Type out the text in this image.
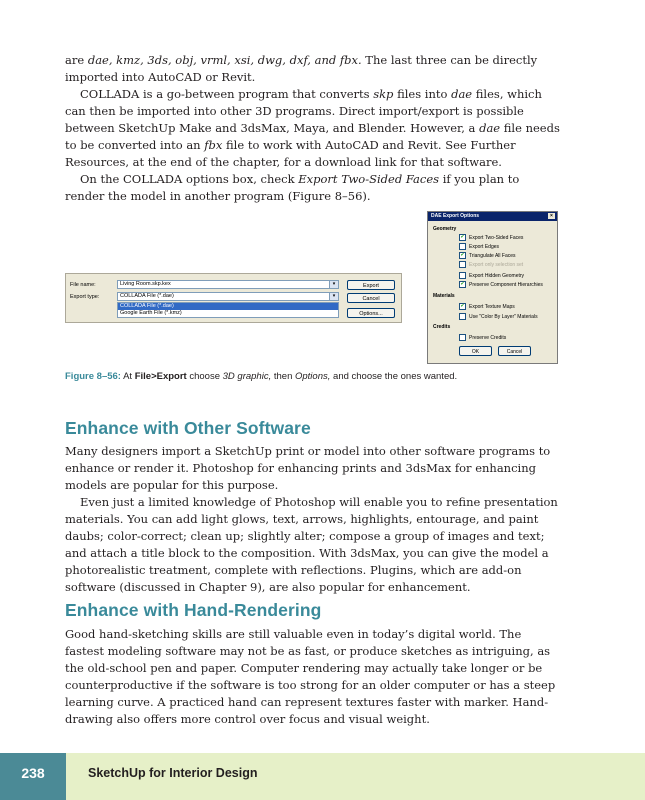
are dae, kmz, 3ds, obj, vrml, xsi, dwg, dxf, and fbx. The last three can be directly imported into AutoCAD or Revit.

COLLADA is a go-between program that converts skp files into dae files, which can then be imported into other 3D programs. Direct import/export is possible between SketchUp Make and 3dsMax, Maya, and Blender. However, a dae file needs to be converted into an fbx file to work with AutoCAD and Revit. See Further Resources, at the end of the chapter, for a download link for that software.

On the COLLADA options box, check Export Two-Sided Faces if you plan to render the model in another program (Figure 8–56).

File name:	Living Room.skp.kex	▾
Export type:	COLLADA File (*.dae)	▾
COLLADA File (*.dae)
Google Earth File (*.kmz)
Export
Cancel
Options...
DAE Export Options	×
Geometry
✔ Export Two-Sided Faces
Export Edges
✔ Triangulate All Faces
Export only selection set
Export Hidden Geometry
✔ Preserve Component Hierarchies
Materials
✔ Export Texture Maps
Use "Color By Layer" Materials
Credits
Preserve Credits
OK	Cancel
Figure 8–56: At File>Export choose 3D graphic, then Options, and choose the ones wanted.
Enhance with Other Software

Many designers import a SketchUp print or model into other software programs to enhance or render it. Photoshop for enhancing prints and 3dsMax for enhancing models are popular for this purpose.

Even just a limited knowledge of Photoshop will enable you to refine presentation materials. You can add light glows, text, arrows, highlights, entourage, and paint daubs; color-correct; clean up; slightly alter; compose a group of images and text; and attach a title block to the composition. With 3dsMax, you can give the model a photorealistic treatment, complete with reflections. Plugins, which are add-on software (discussed in Chapter 9), are also popular for enhancement.

Enhance with Hand-Rendering

Good hand-sketching skills are still valuable even in today’s digital world. The fastest modeling software may not be as fast, or produce sketches as intriguing, as the old-school pen and paper. Computer rendering may actually take longer or be counterproductive if the software is too strong for an older computer or has a steep learning curve. A practiced hand can represent textures faster with marker. Hand-drawing also offers more control over focus and visual weight.

238	SketchUp for Interior Design
